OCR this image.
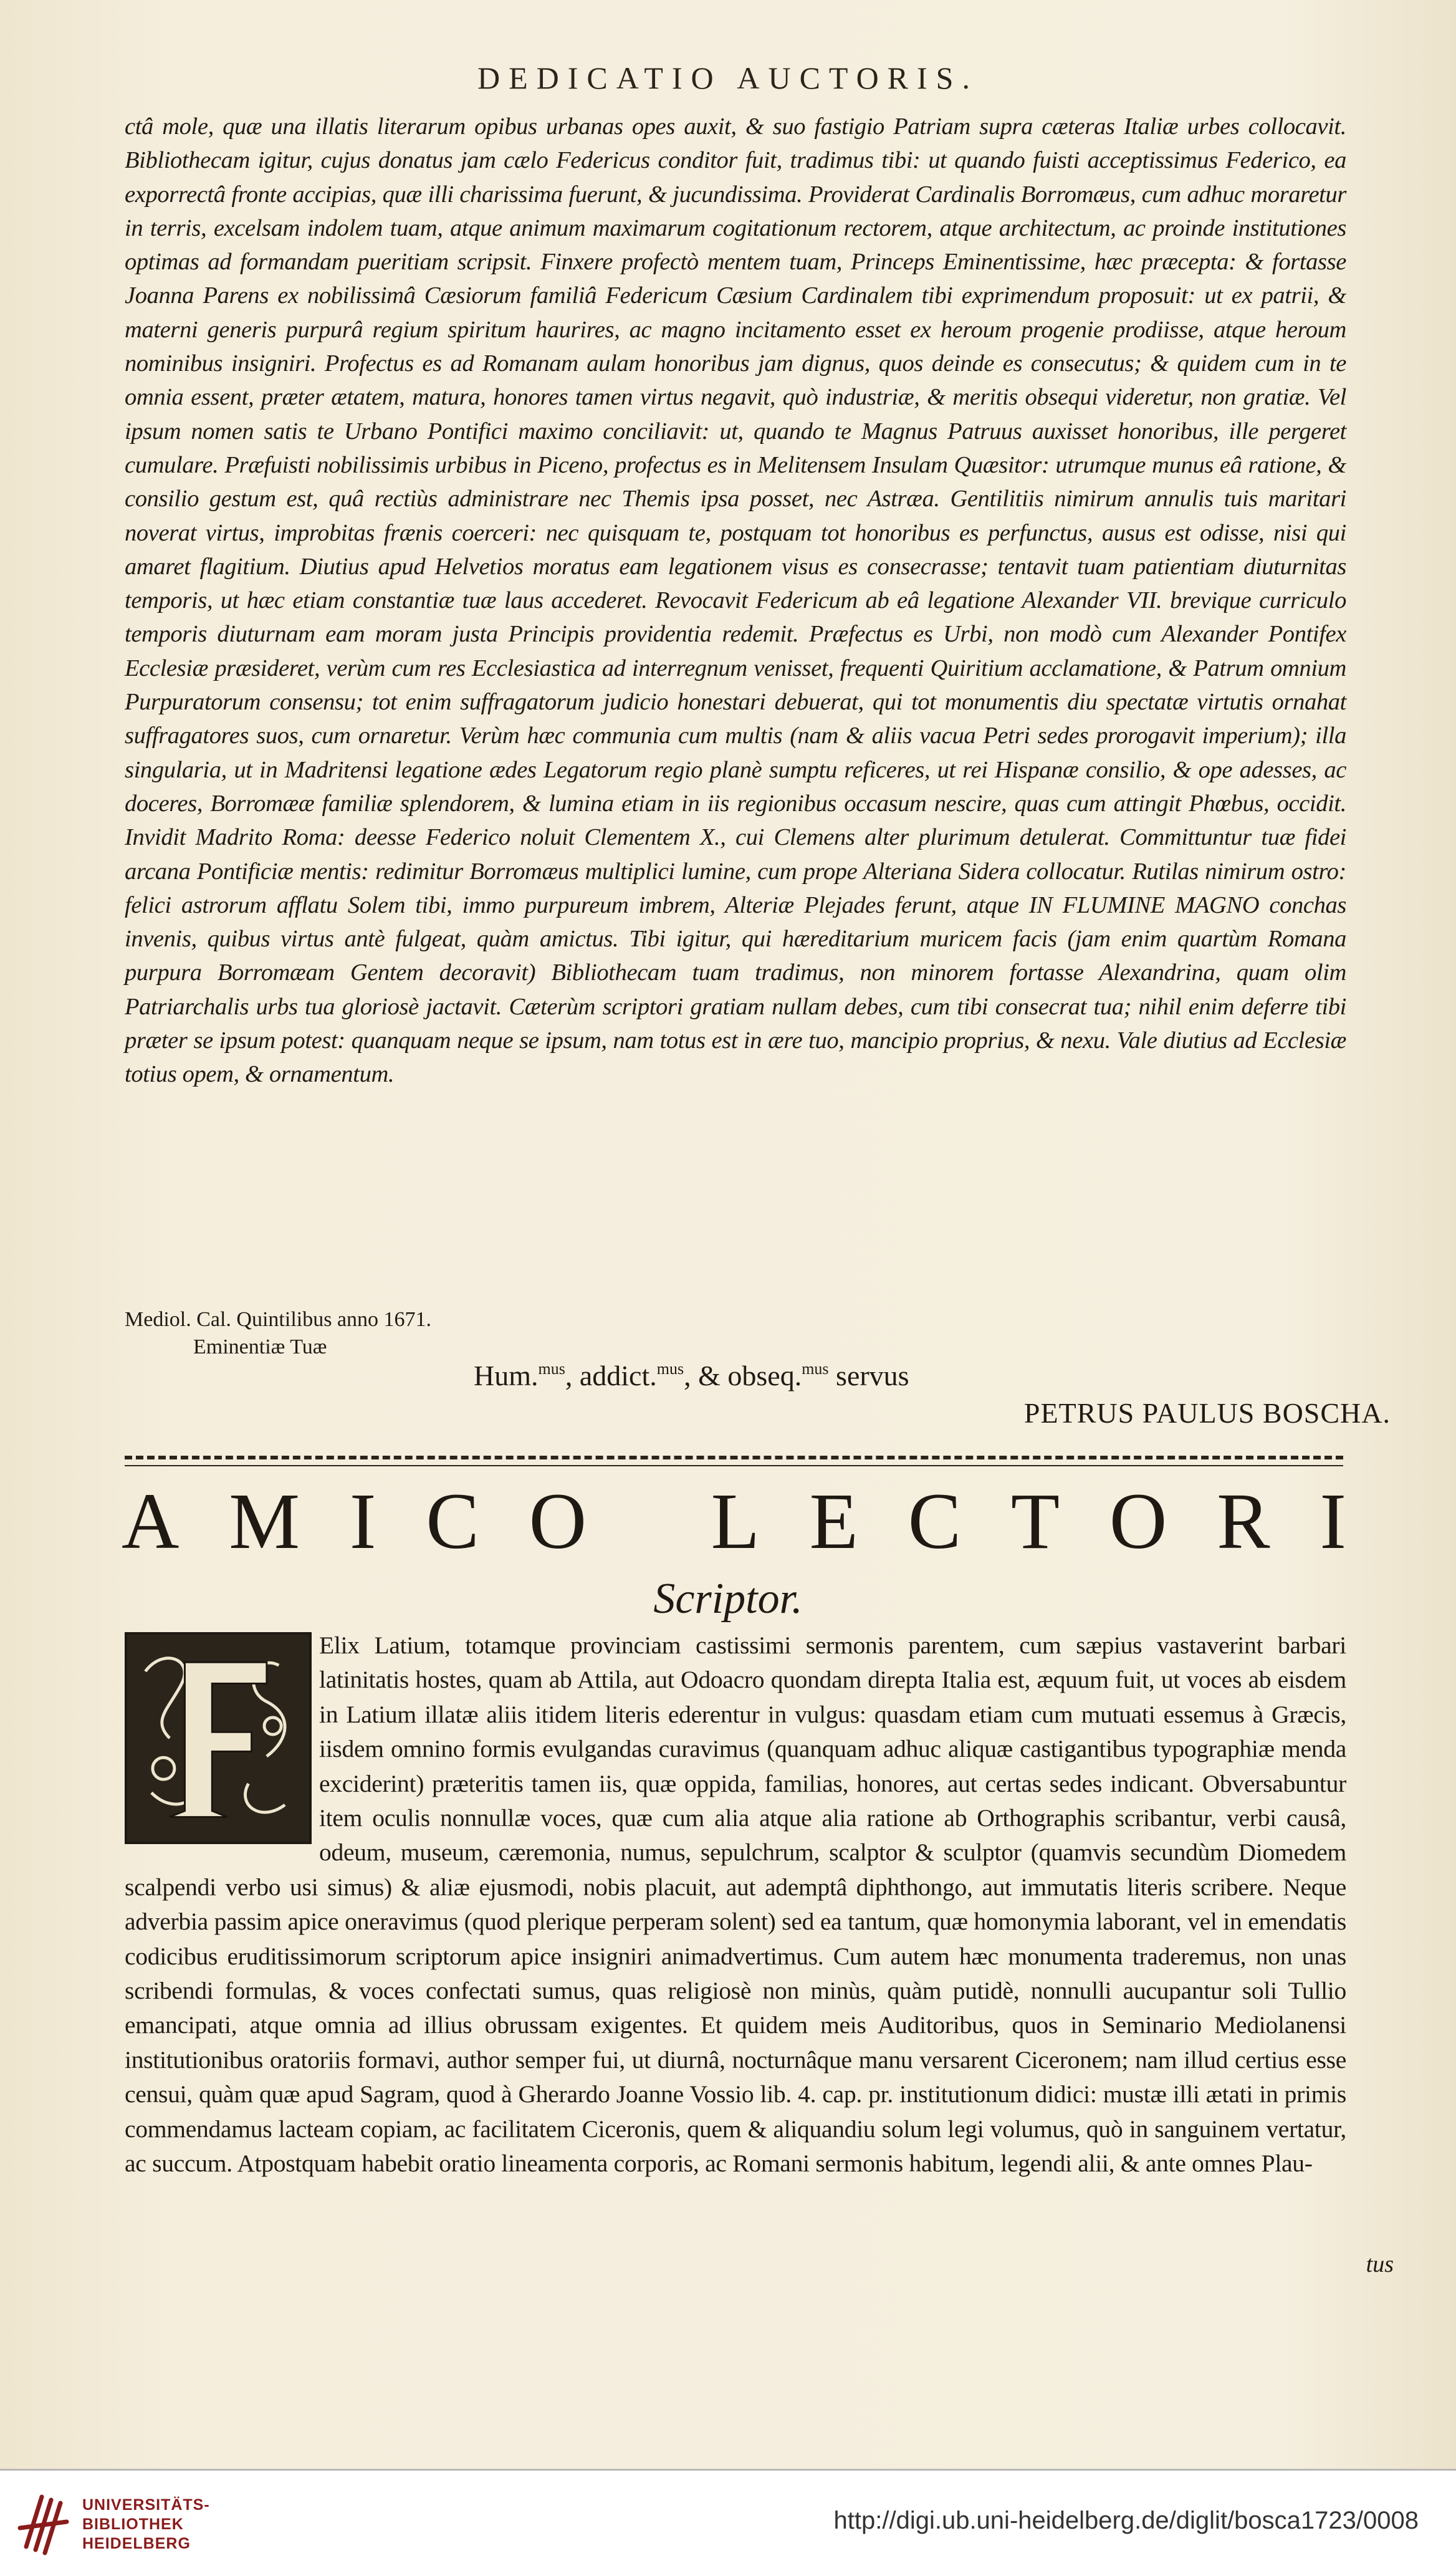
DEDICATIO AUCTORIS.

ctâ mole, quæ una illatis literarum opibus urbanas opes auxit, & suo fastigio Patriam supra cæteras Italiæ urbes collocavit. Bibliothecam igitur, cujus donatus jam cælo Federicus conditor fuit, tradimus tibi: ut quando fuisti acceptissimus Federico, ea exporrectâ fronte accipias, quæ illi charissima fuerunt, & jucundissima. Providerat Cardinalis Borromæus, cum adhuc moraretur in terris, excelsam indolem tuam, atque animum maximarum cogitationum rectorem, atque architectum, ac proinde institutiones optimas ad formandam pueritiam scripsit. Finxere profectò mentem tuam, Princeps Eminentissime, hæc præcepta: & fortasse Joanna Parens ex nobilissimâ Cæsiorum familiâ Federicum Cæsium Cardinalem tibi exprimendum proposuit: ut ex patrii, & materni generis purpurâ regium spiritum haurires, ac magno incitamento esset ex heroum progenie prodiisse, atque heroum nominibus insigniri. Profectus es ad Romanam aulam honoribus jam dignus, quos deinde es consecutus; & quidem cum in te omnia essent, præter ætatem, matura, honores tamen virtus negavit, quò industriæ, & meritis obsequi videretur, non gratiæ. Vel ipsum nomen satis te Urbano Pontifici maximo conciliavit: ut, quando te Magnus Patruus auxisset honoribus, ille pergeret cumulare. Præfuisti nobilissimis urbibus in Piceno, profectus es in Melitensem Insulam Quæsitor: utrumque munus eâ ratione, & consilio gestum est, quâ rectiùs administrare nec Themis ipsa posset, nec Astræa. Gentilitiis nimirum annulis tuis maritari noverat virtus, improbitas frænis coerceri: nec quisquam te, postquam tot honoribus es perfunctus, ausus est odisse, nisi qui amaret flagitium. Diutius apud Helvetios moratus eam legationem visus es consecrasse; tentavit tuam patientiam diuturnitas temporis, ut hæc etiam constantiæ tuæ laus accederet. Revocavit Federicum ab eâ legatione Alexander VII. brevique curriculo temporis diuturnam eam moram justa Principis providentia redemit. Præfectus es Urbi, non modò cum Alexander Pontifex Ecclesiæ præsideret, verùm cum res Ecclesiastica ad interregnum venisset, frequenti Quiritium acclamatione, & Patrum omnium Purpuratorum consensu; tot enim suffragatorum judicio honestari debuerat, qui tot monumentis diu spectatæ virtutis ornahat suffragatores suos, cum ornaretur. Verùm hæc communia cum multis (nam & aliis vacua Petri sedes prorogavit imperium); illa singularia, ut in Madritensi legatione ædes Legatorum regio planè sumptu reficeres, ut rei Hispanæ consilio, & ope adesses, ac doceres, Borromææ familiæ splendorem, & lumina etiam in iis regionibus occasum nescire, quas cum attingit Phœbus, occidit. Invidit Madrito Roma: deesse Federico noluit Clementem X., cui Clemens alter plurimum detulerat. Committuntur tuæ fidei arcana Pontificiæ mentis: redimitur Borromæus multiplici lumine, cum prope Alteriana Sidera collocatur. Rutilas nimirum ostro: felici astrorum afflatu Solem tibi, immo purpureum imbrem, Alteriæ Plejades ferunt, atque IN FLUMINE MAGNO conchas invenis, quibus virtus antè fulgeat, quàm amictus. Tibi igitur, qui hæreditarium muricem facis (jam enim quartùm Romana purpura Borromæam Gentem decoravit) Bibliothecam tuam tradimus, non minorem fortasse Alexandrina, quam olim Patriarchalis urbs tua gloriosè jactavit. Cæterùm scriptori gratiam nullam debes, cum tibi consecrat tua; nihil enim deferre tibi præter se ipsum potest: quanquam neque se ipsum, nam totus est in ære tuo, mancipio proprius, & nexu. Vale diutius ad Ecclesiæ totius opem, & ornamentum.

Mediol. Cal. Quintilibus anno 1671.
Eminentiæ Tuæ
Hum.$^{mus}$, addict.$^{mus}$, & obseq.$^{mus}$ servus
PETRUS PAULUS BOSCHA.
A M I C O L E C T O R I
Scriptor.

Elix Latium, totamque provinciam castissimi sermonis parentem, cum sæpius vastaverint barbari latinitatis hostes, quam ab Attila, aut Odoacro quondam direpta Italia est, æquum fuit, ut voces ab eisdem in Latium illatæ aliis itidem literis ederentur in vulgus: quasdam etiam cum mutuati essemus à Græcis, iisdem omnino formis evulgandas curavimus (quanquam adhuc aliquæ castigantibus typographiæ menda exciderint) præteritis tamen iis, quæ oppida, familias, honores, aut certas sedes indicant. Obversabuntur item oculis nonnullæ voces, quæ cum alia atque alia ratione ab Orthographis scribantur, verbi causâ, odeum, museum, cæremonia, numus, sepulchrum, scalptor & sculptor (quamvis secundùm Diomedem scalpendi verbo usi simus) & aliæ ejusmodi, nobis placuit, aut ademptâ diphthongo, aut immutatis literis scribere. Neque adverbia passim apice oneravimus (quod plerique perperam solent) sed ea tantum, quæ homonymia laborant, vel in emendatis codicibus eruditissimorum scriptorum apice insigniri animadvertimus. Cum autem hæc monumenta traderemus, non unas scribendi formulas, & voces confectati sumus, quas religiosè non minùs, quàm putidè, nonnulli aucupantur soli Tullio emancipati, atque omnia ad illius obrussam exigentes. Et quidem meis Auditoribus, quos in Seminario Mediolanensi institutionibus oratoriis formavi, author semper fui, ut diurnâ, nocturnâque manu versarent Ciceronem; nam illud certius esse censui, quàm quæ apud Sagram, quod à Gherardo Joanne Vossio lib. 4. cap. pr. institutionum didici: mustæ illi ætati in primis commendamus lacteam copiam, ac facilitatem Ciceronis, quem & aliquandiu solum legi volumus, quò in sanguinem vertatur, ac succum. Atpostquam habebit oratio lineamenta corporis, ac Romani sermonis habitum, legendi alii, & ante omnes Plau-

tus
UNIVERSITÄTS-
BIBLIOTHEK
HEIDELBERG
http://digi.ub.uni-heidelberg.de/diglit/bosca1723/0008
